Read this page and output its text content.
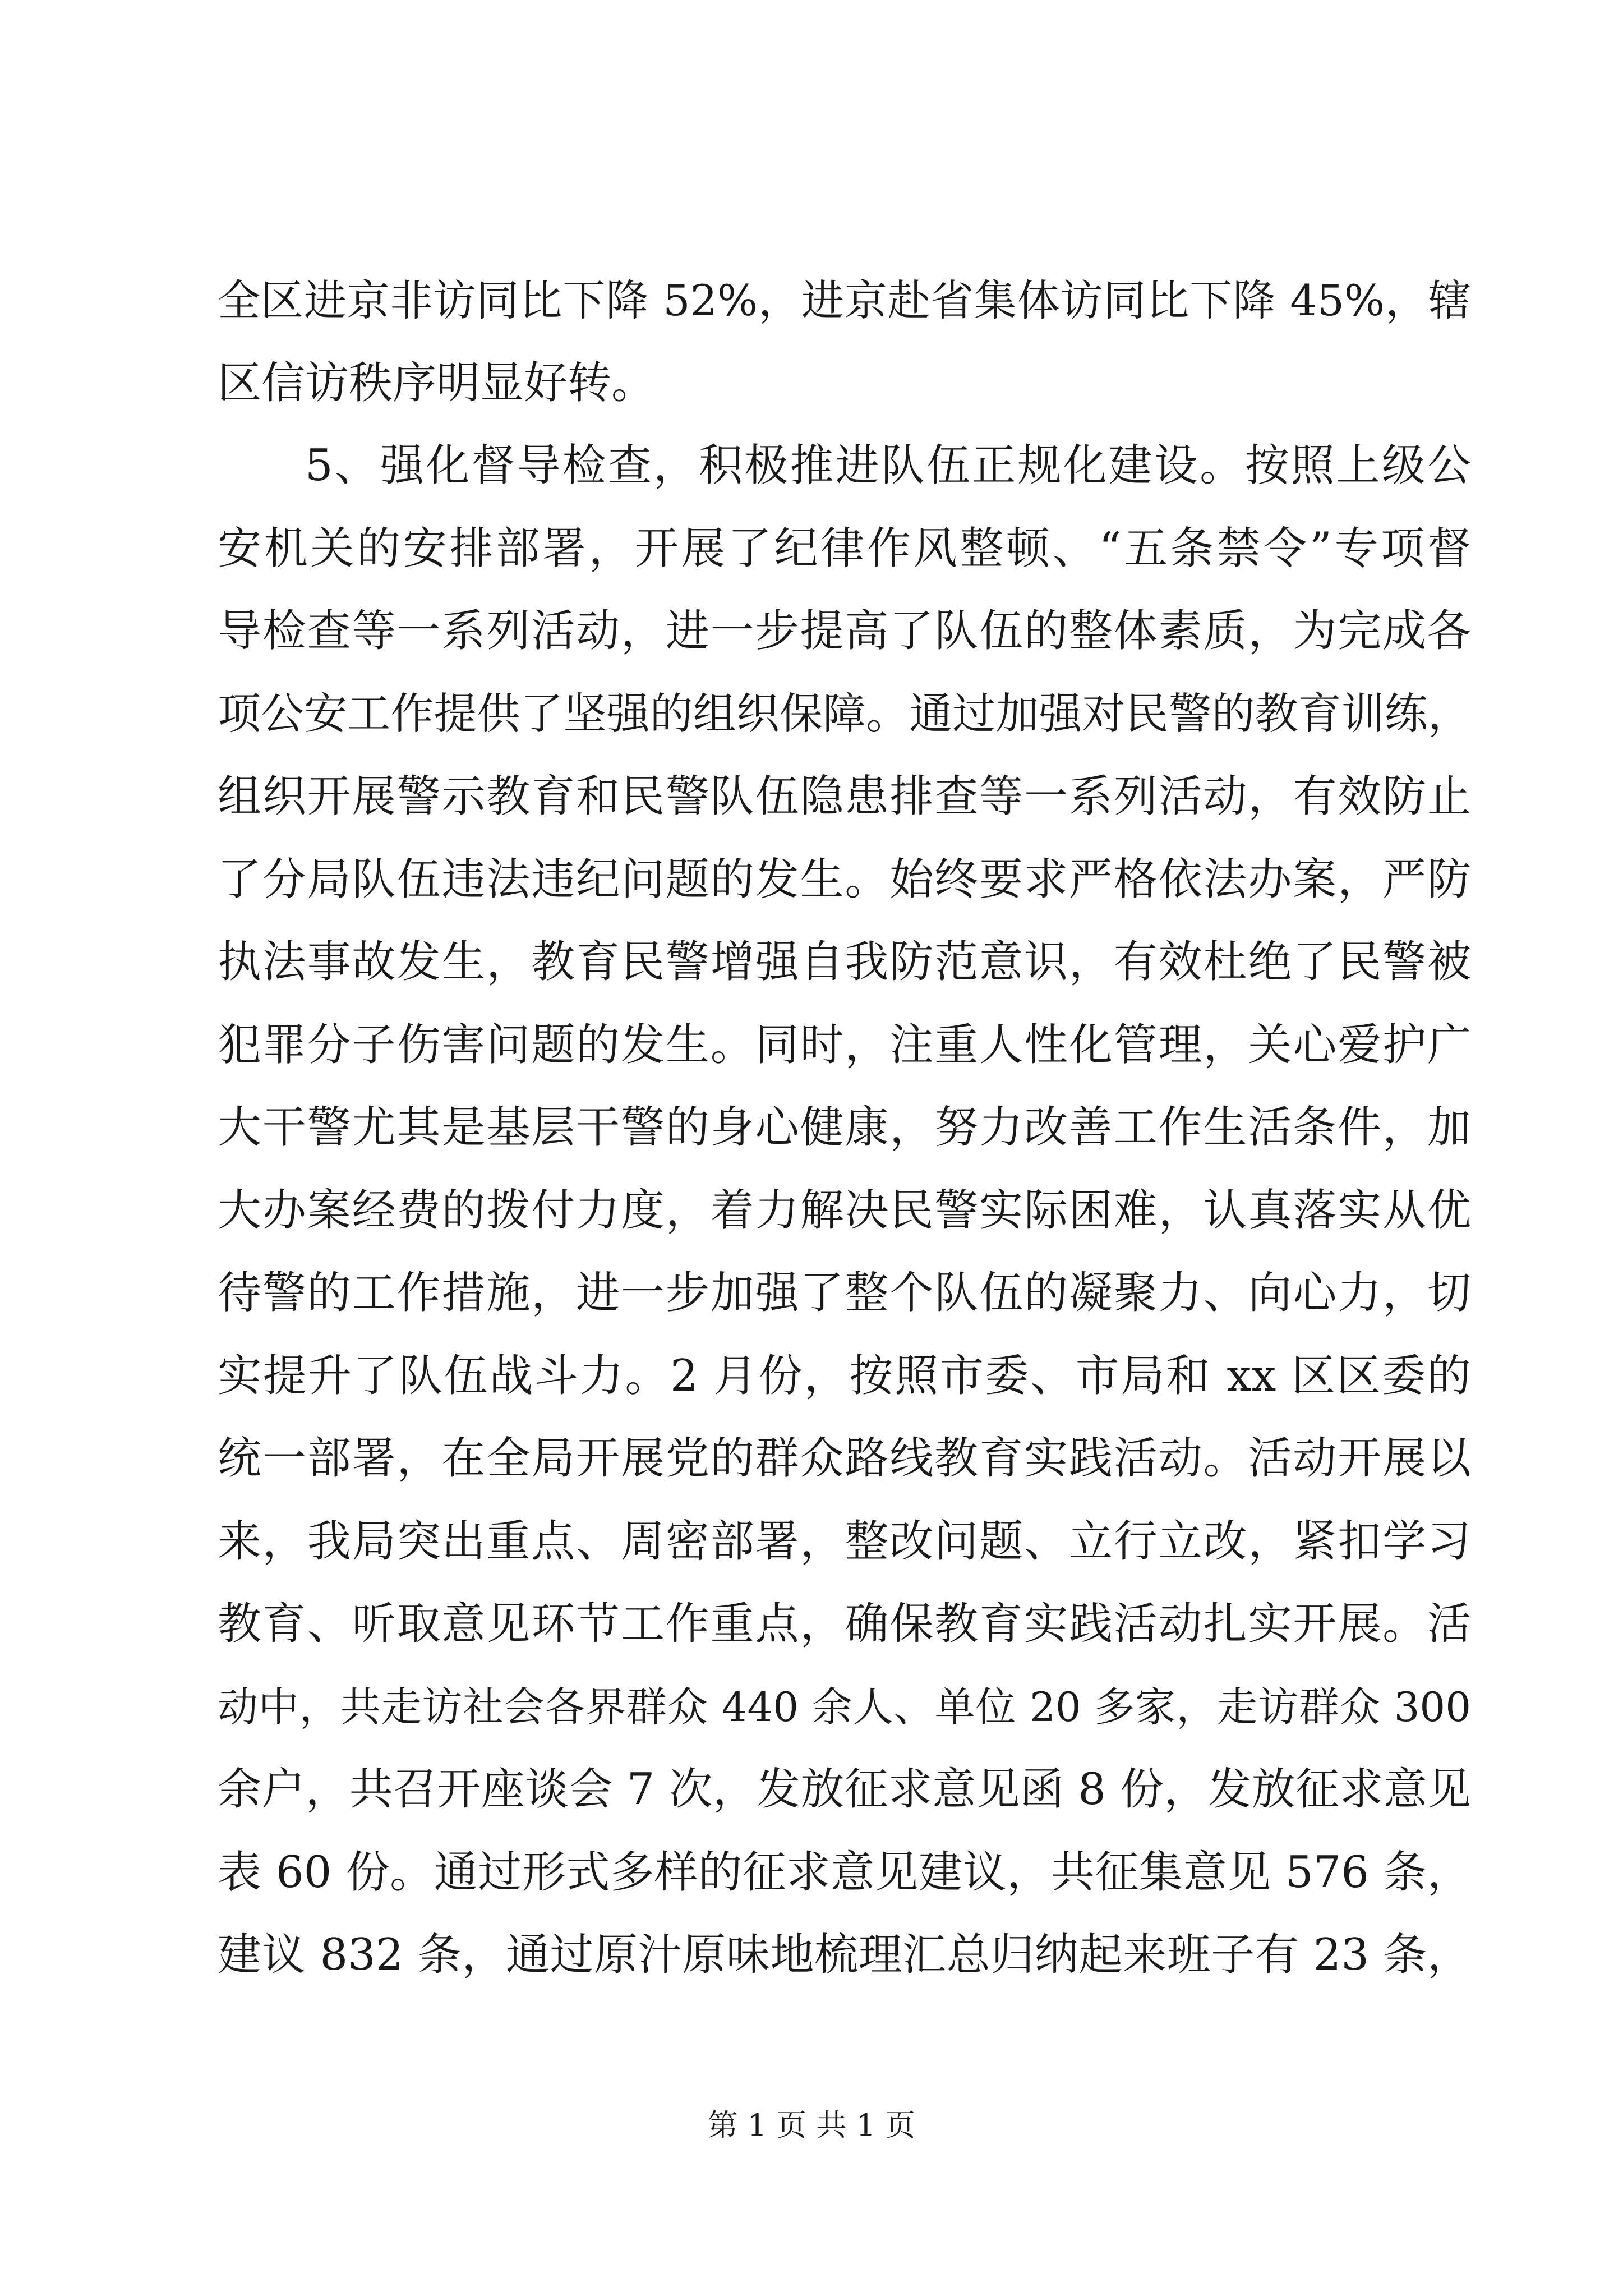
全区进京非访同比下降 52%，进京赴省集体访同比下降 45%，辖
区信访秩序明显好转。
5、强化督导检查，积极推进队伍正规化建设。按照上级公
安机关的安排部署，开展了纪律作风整顿、“五条禁令”专项督
导检查等一系列活动，进一步提高了队伍的整体素质，为完成各
项公安工作提供了坚强的组织保障。通过加强对民警的教育训练，
组织开展警示教育和民警队伍隐患排查等一系列活动，有效防止
了分局队伍违法违纪问题的发生。始终要求严格依法办案，严防
执法事故发生，教育民警增强自我防范意识，有效杜绝了民警被
犯罪分子伤害问题的发生。同时，注重人性化管理，关心爱护广
大干警尤其是基层干警的身心健康，努力改善工作生活条件，加
大办案经费的拨付力度，着力解决民警实际困难，认真落实从优
待警的工作措施，进一步加强了整个队伍的凝聚力、向心力，切
实提升了队伍战斗力。2 月份，按照市委、市局和 xx 区区委的
统一部署，在全局开展党的群众路线教育实践活动。活动开展以
来，我局突出重点、周密部署，整改问题、立行立改，紧扣学习
教育、听取意见环节工作重点，确保教育实践活动扎实开展。活
动中，共走访社会各界群众 440 余人、单位 20 多家，走访群众 300
余户，共召开座谈会 7 次，发放征求意见函 8 份，发放征求意见
表 60 份。通过形式多样的征求意见建议，共征集意见 576 条，
建议 832 条，通过原汁原味地梳理汇总归纳起来班子有 23 条，
第 1 页 共 1 页
